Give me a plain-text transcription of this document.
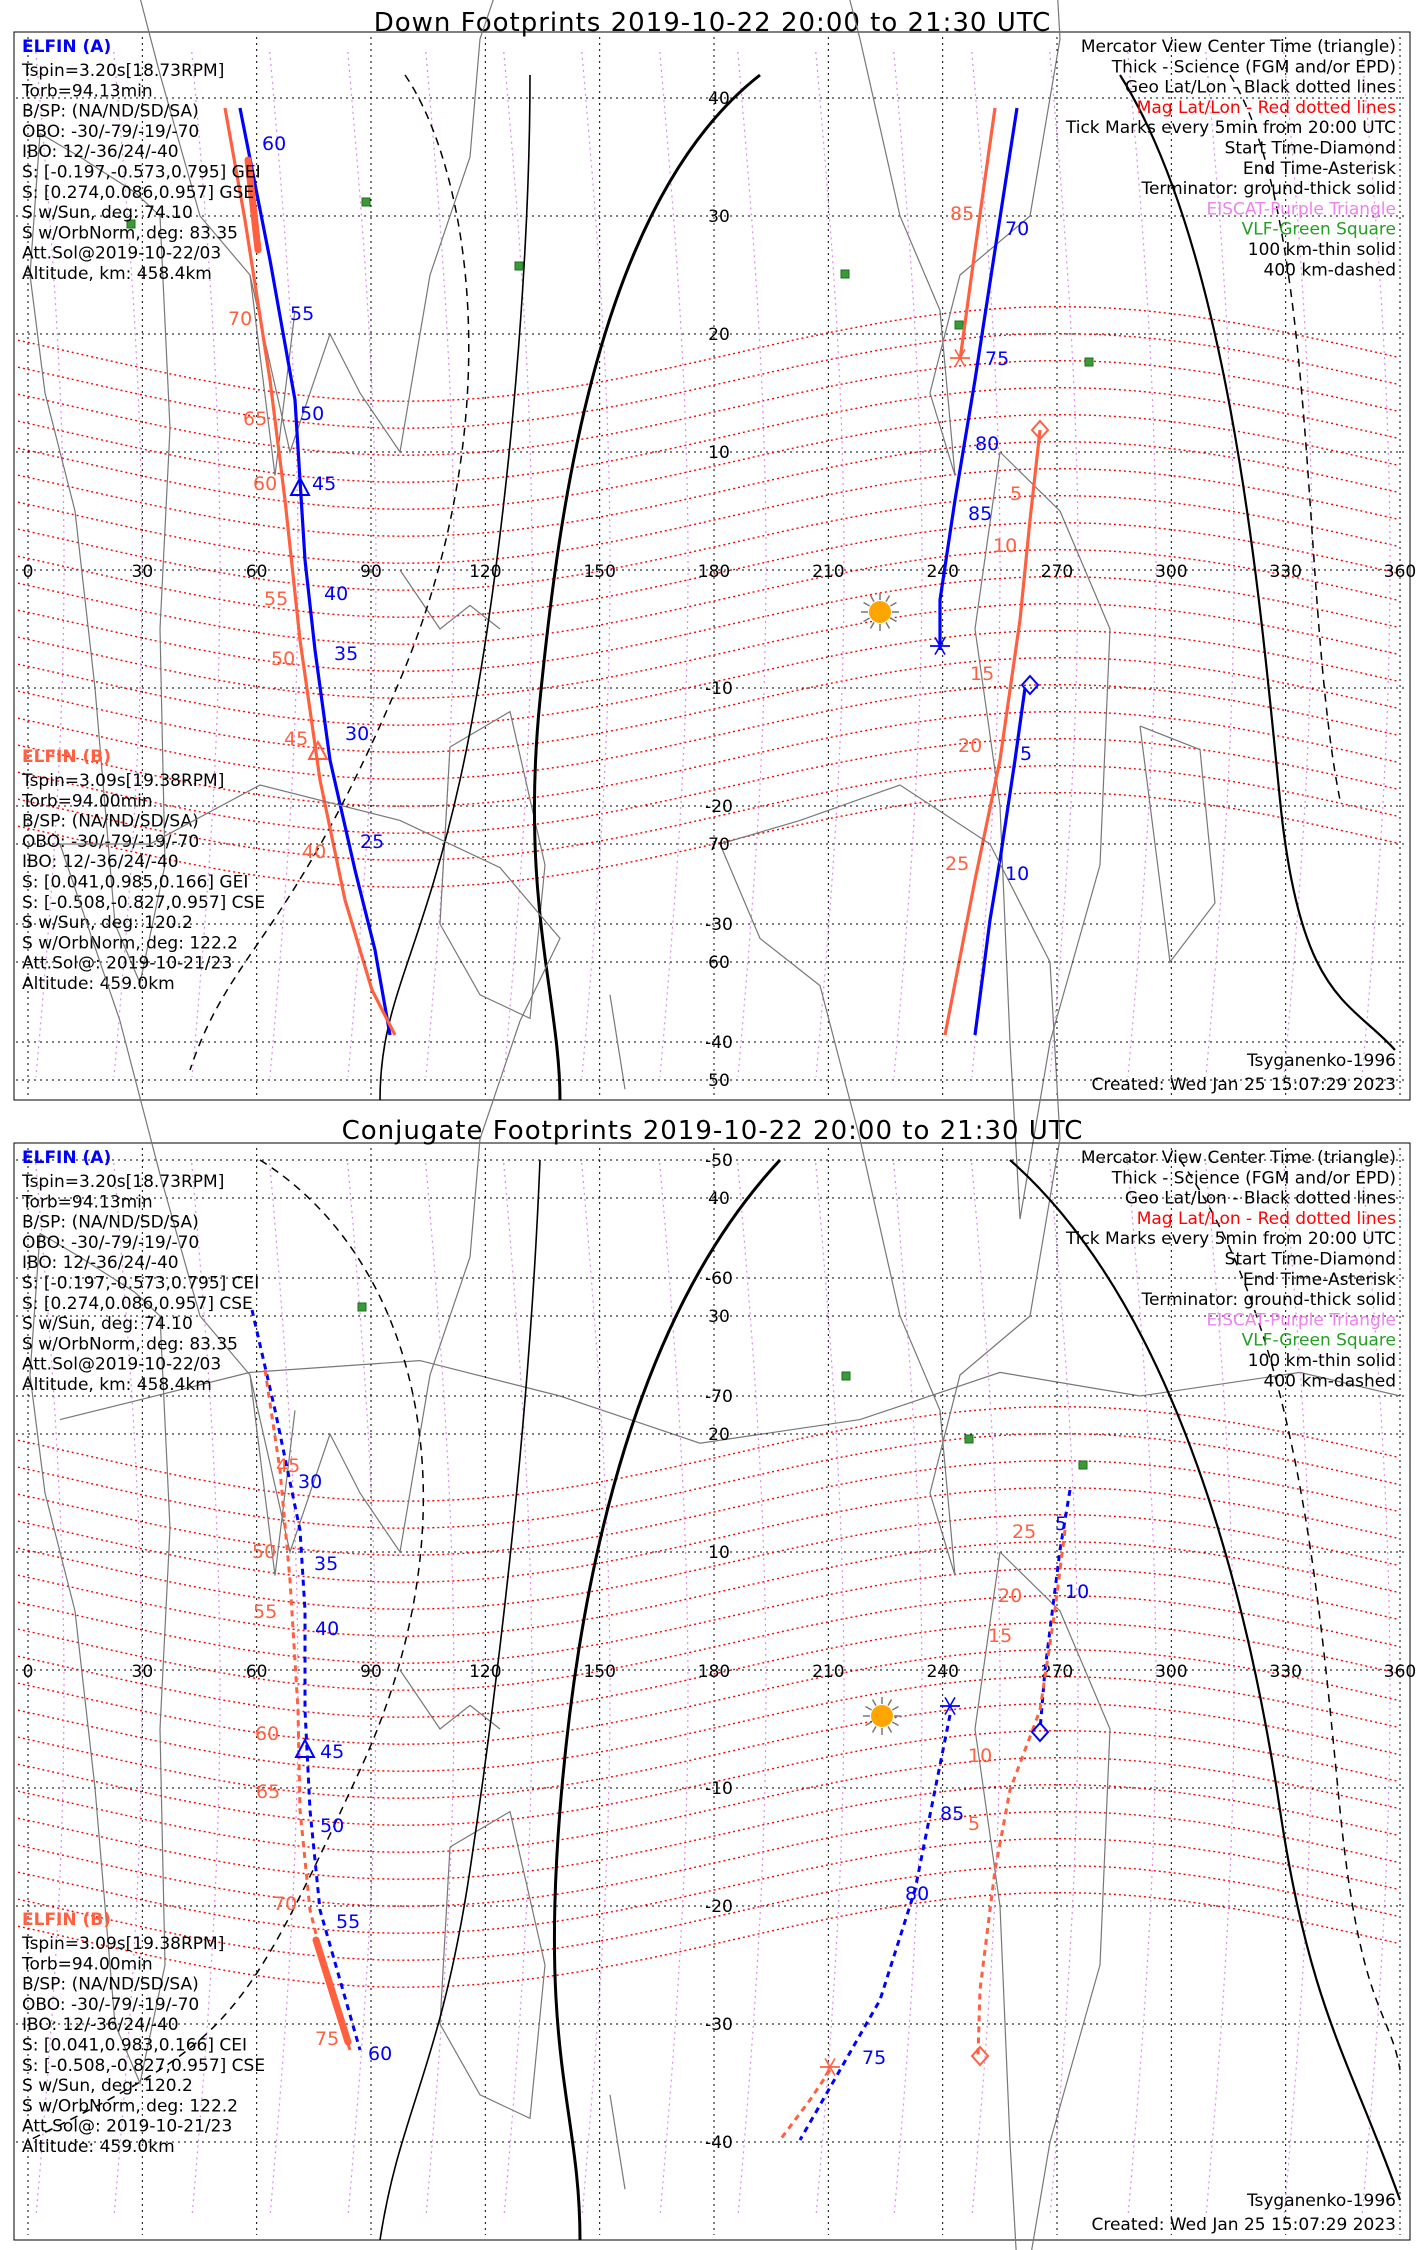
Down Footprints 2019-10-22 20:00 to 21:30 UTC
0	30	60	90	120	150	180	210	240	270	300	330	360
40
30
20
10
-10
-20
-30
-40
-50
-60
-70
60
55
50
45
40
35
30
25
70
75
80
85
5
10
70
65
60
55
50
45
40
85
5
10
15
20
25
ELFIN (A)
Tspin=3.20s[18.73RPM]
Torb=94.13min
B/SP: (NA/ND/SD/SA)
OBO: -30/-79/-19/-70
IBO: 12/-36/24/-40
S: [-0.197,-0.573,0.795] GEI
S: [0.274,0.086,0.957] GSE
S w/Sun, deg: 74.10
S w/OrbNorm, deg: 83.35
Att.Sol@2019-10-22/03
Altitude, km: 458.4km
ELFIN (B)
Tspin=3.09s[19.38RPM]
Torb=94.00min
B/SP: (NA/ND/SD/SA)
OBO: -30/-79/-19/-70
IBO: 12/-36/24/-40
S: [0.041,0.985,0.166] GEI
S: [-0.508,-0.827,0.957] CSE
S w/Sun, deg: 120.2
S w/OrbNorm, deg: 122.2
Att.Sol@: 2019-10-21/23
Altitude: 459.0km
Mercator View Center Time (triangle)
Thick - Science (FGM and/or EPD)
Geo Lat/Lon - Black dotted lines
Mag Lat/Lon - Red dotted lines
Tick Marks every 5min from 20:00 UTC
Start Time-Diamond
End Time-Asterisk
Terminator: ground-thick solid
EISCAT-Purple Triangle
VLF-Green Square
100 km-thin solid
400 km-dashed
Tsyganenko-1996
Created: Wed Jan 25 15:07:29 2023
Conjugate Footprints 2019-10-22 20:00 to 21:30 UTC
0	30	60	90	120	150	180	210	240	270	300	330	360
70
60
50
40
30
20
10
-10
-20
-30
-40
30
35
40
45
50
55
60
10
5
85
80
75
45
50
55
60
65
70
75
25
20
15
10
5
ELFIN (A)
Tspin=3.20s[18.73RPM]
Torb=94.13min
B/SP: (NA/ND/SD/SA)
OBO: -30/-79/-19/-70
IBO: 12/-36/24/-40
S: [-0.197,-0.573,0.795] CEI
S: [0.274,0.086,0.957] CSE
S w/Sun, deg: 74.10
S w/OrbNorm, deg: 83.35
Att.Sol@2019-10-22/03
Altitude, km: 458.4km
ELFIN (B)
Tspin=3.09s[19.38RPM]
Torb=94.00min
B/SP: (NA/ND/SD/SA)
OBO: -30/-79/-19/-70
IBO: 12/-36/24/-40
S: [0.041,0.983,0.166] CEI
S: [-0.508,-0.827,0.957] CSE
S w/Sun, deg: 120.2
S w/OrbNorm, deg: 122.2
Att.Sol@: 2019-10-21/23
Altitude: 459.0km
Mercator View Center Time (triangle)
Thick - Science (FGM and/or EPD)
Geo Lat/Lon - Black dotted lines
Mag Lat/Lon - Red dotted lines
Tick Marks every 5min from 20:00 UTC
Start Time-Diamond
End Time-Asterisk
Terminator: ground-thick solid
EISCAT-Purple Triangle
VLF-Green Square
100 km-thin solid
400 km-dashed
Tsyganenko-1996
Created: Wed Jan 25 15:07:29 2023
